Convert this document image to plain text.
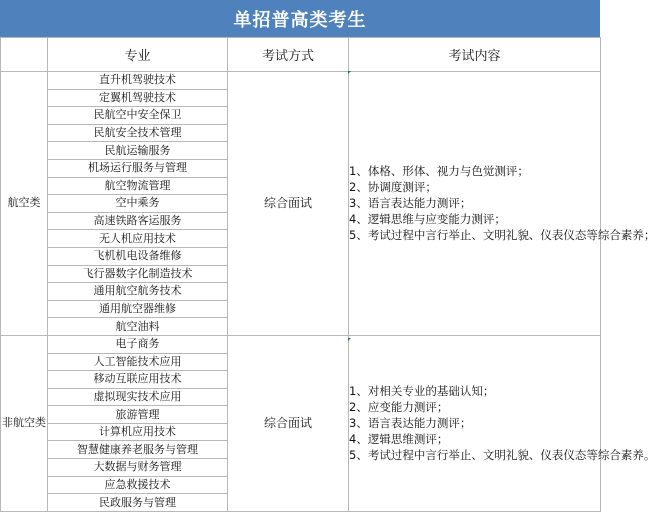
单招普高类考生
	专业	考试方式	考试内容
航空类	直升机驾驶技术	综合面试	1、体格、形体、视力与色觉测评；
2、协调度测评；
3、语言表达能力测评；
4、逻辑思维与应变能力测评；
5、考试过程中言行举止、文明礼貌、仪表仪态等综合素养；

	定翼机驾驶技术		
	民航空中安全保卫		
	民航安全技术管理		
	民航运输服务		
	机场运行服务与管理		
	航空物流管理		
	空中乘务		
	高速铁路客运服务		
	无人机应用技术		
	飞机机电设备维修		
	飞行器数字化制造技术		
	通用航空航务技术		
	通用航空器维修		
	航空油料		
非航空类	电子商务	综合面试	1、对相关专业的基础认知；
2、应变能力测评；
3、语言表达能力测评；
4、逻辑思维测评；
5、考试过程中言行举止、文明礼貌、仪表仪态等综合素养。

	人工智能技术应用		
	移动互联应用技术		
	虚拟现实技术应用		
	旅游管理		
	计算机应用技术		
	智慧健康养老服务与管理		
	大数据与财务管理		
	应急救援技术		
	民政服务与管理		
